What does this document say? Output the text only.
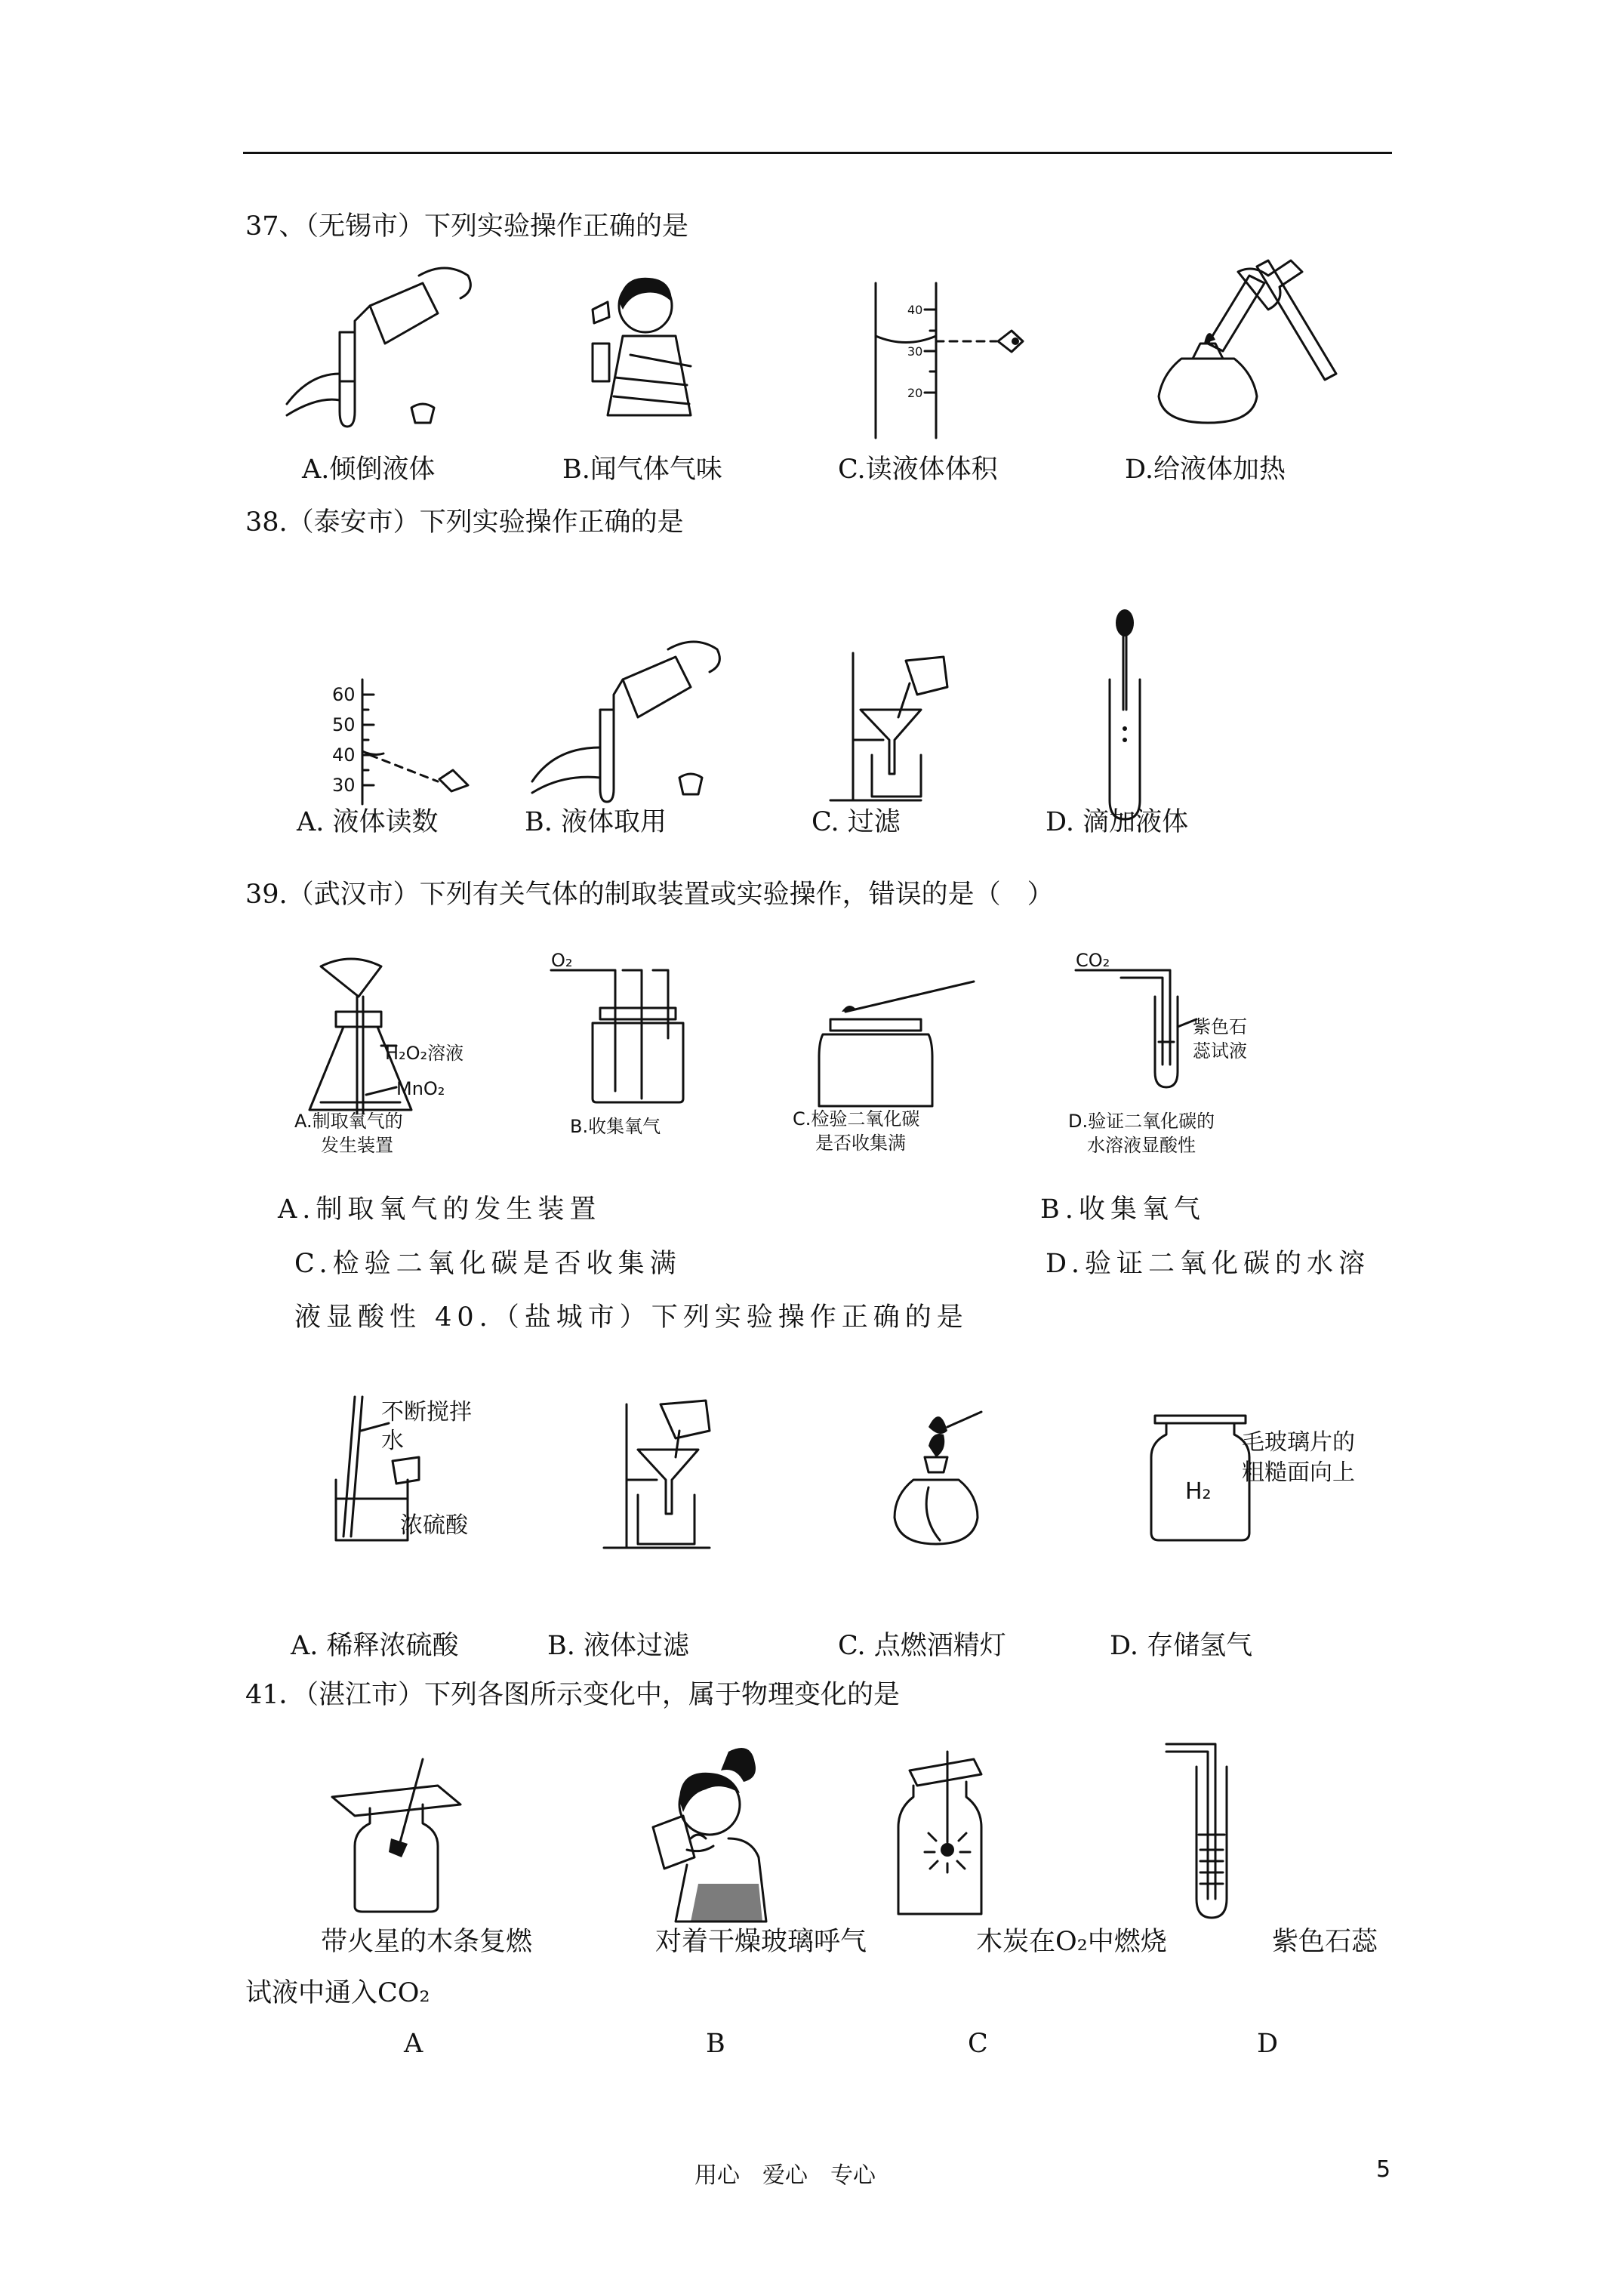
37、（无锡市）下列实验操作正确的是
40
30
20
A.倾倒液体	B.闻气体气味	C.读液体体积	D.给液体加热
38.（泰安市）下列实验操作正确的是
60
50
40
30
A. 液体读数	B. 液体取用	C. 过滤	D. 滴加液体
39.（武汉市）下列有关气体的制取装置或实验操作，错误的是（　）
H₂O₂溶液
MnO₂
A.制取氧气的
发生装置
O₂
B.收集氧气	C.检验二氧化碳
是否收集满
CO₂
紫色石
蕊试液
D.验证二氧化碳的
水溶液显酸性
A.制取氧气的发生装置	B.收集氧气
C.检验二氧化碳是否收集满	D.验证二氧化碳的水溶
液显酸性 40.（盐城市）下列实验操作正确的是
不断搅拌
水
浓硫酸
H₂
毛玻璃片的
粗糙面向上
A. 稀释浓硫酸	B. 液体过滤	C. 点燃酒精灯	D. 存储氢气
41．（湛江市）下列各图所示变化中，属于物理变化的是
带火星的木条复燃	对着干燥玻璃呼气	木炭在O₂中燃烧	紫色石蕊
试液中通入CO₂
A	B	C	D
用心　爱心　专心	5
